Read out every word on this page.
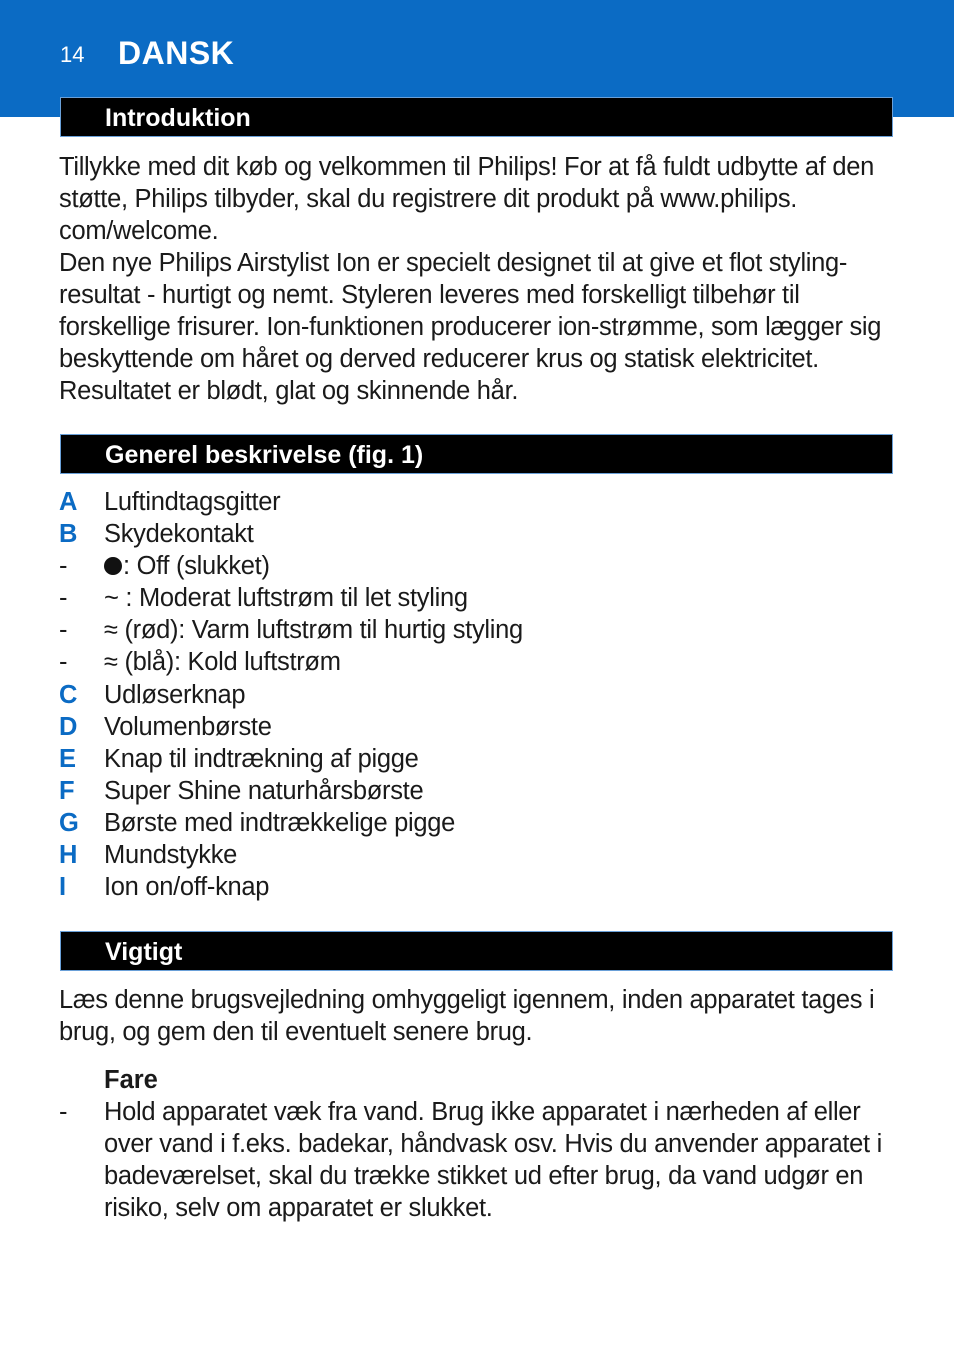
14 DANSK
Introduktion

Tillykke med dit køb og velkommen til Philips! For at få fuldt udbytte af den støtte, Philips tilbyder, skal du registrere dit produkt på www.philips. com/welcome.

Den nye Philips Airstylist Ion er specielt designet til at give et flot styling-resultat - hurtigt og nemt. Styleren leveres med forskelligt tilbehør til forskellige frisurer. Ion-funktionen producerer ion-strømme, som lægger sig beskyttende om håret og derved reducerer krus og statisk elektricitet. Resultatet er blødt, glat og skinnende hår.

Generel beskrivelse (fig. 1)
A	Luftindtagsgitter
B	Skydekontakt
-	: Off (slukket)
-	~ : Moderat luftstrøm til let styling
-	≈ (rød): Varm luftstrøm til hurtig styling
-	≈ (blå): Kold luftstrøm
C	Udløserknap
D	Volumenbørste
E	Knap til indtrækning af pigge
F	Super Shine naturhårsbørste
G Børste med indtrækkelige pigge
H	Mundstykke
I	Ion on/off-knap
Vigtigt

Læs denne brugsvejledning omhyggeligt igennem, inden apparatet tages i brug, og gem den til eventuelt senere brug.

Fare
- Hold apparatet væk fra vand. Brug ikke apparatet i nærheden af eller over vand i f.eks. badekar, håndvask osv. Hvis du anvender apparatet i badeværelset, skal du trække stikket ud efter brug, da vand udgør en risiko, selv om apparatet er slukket.
